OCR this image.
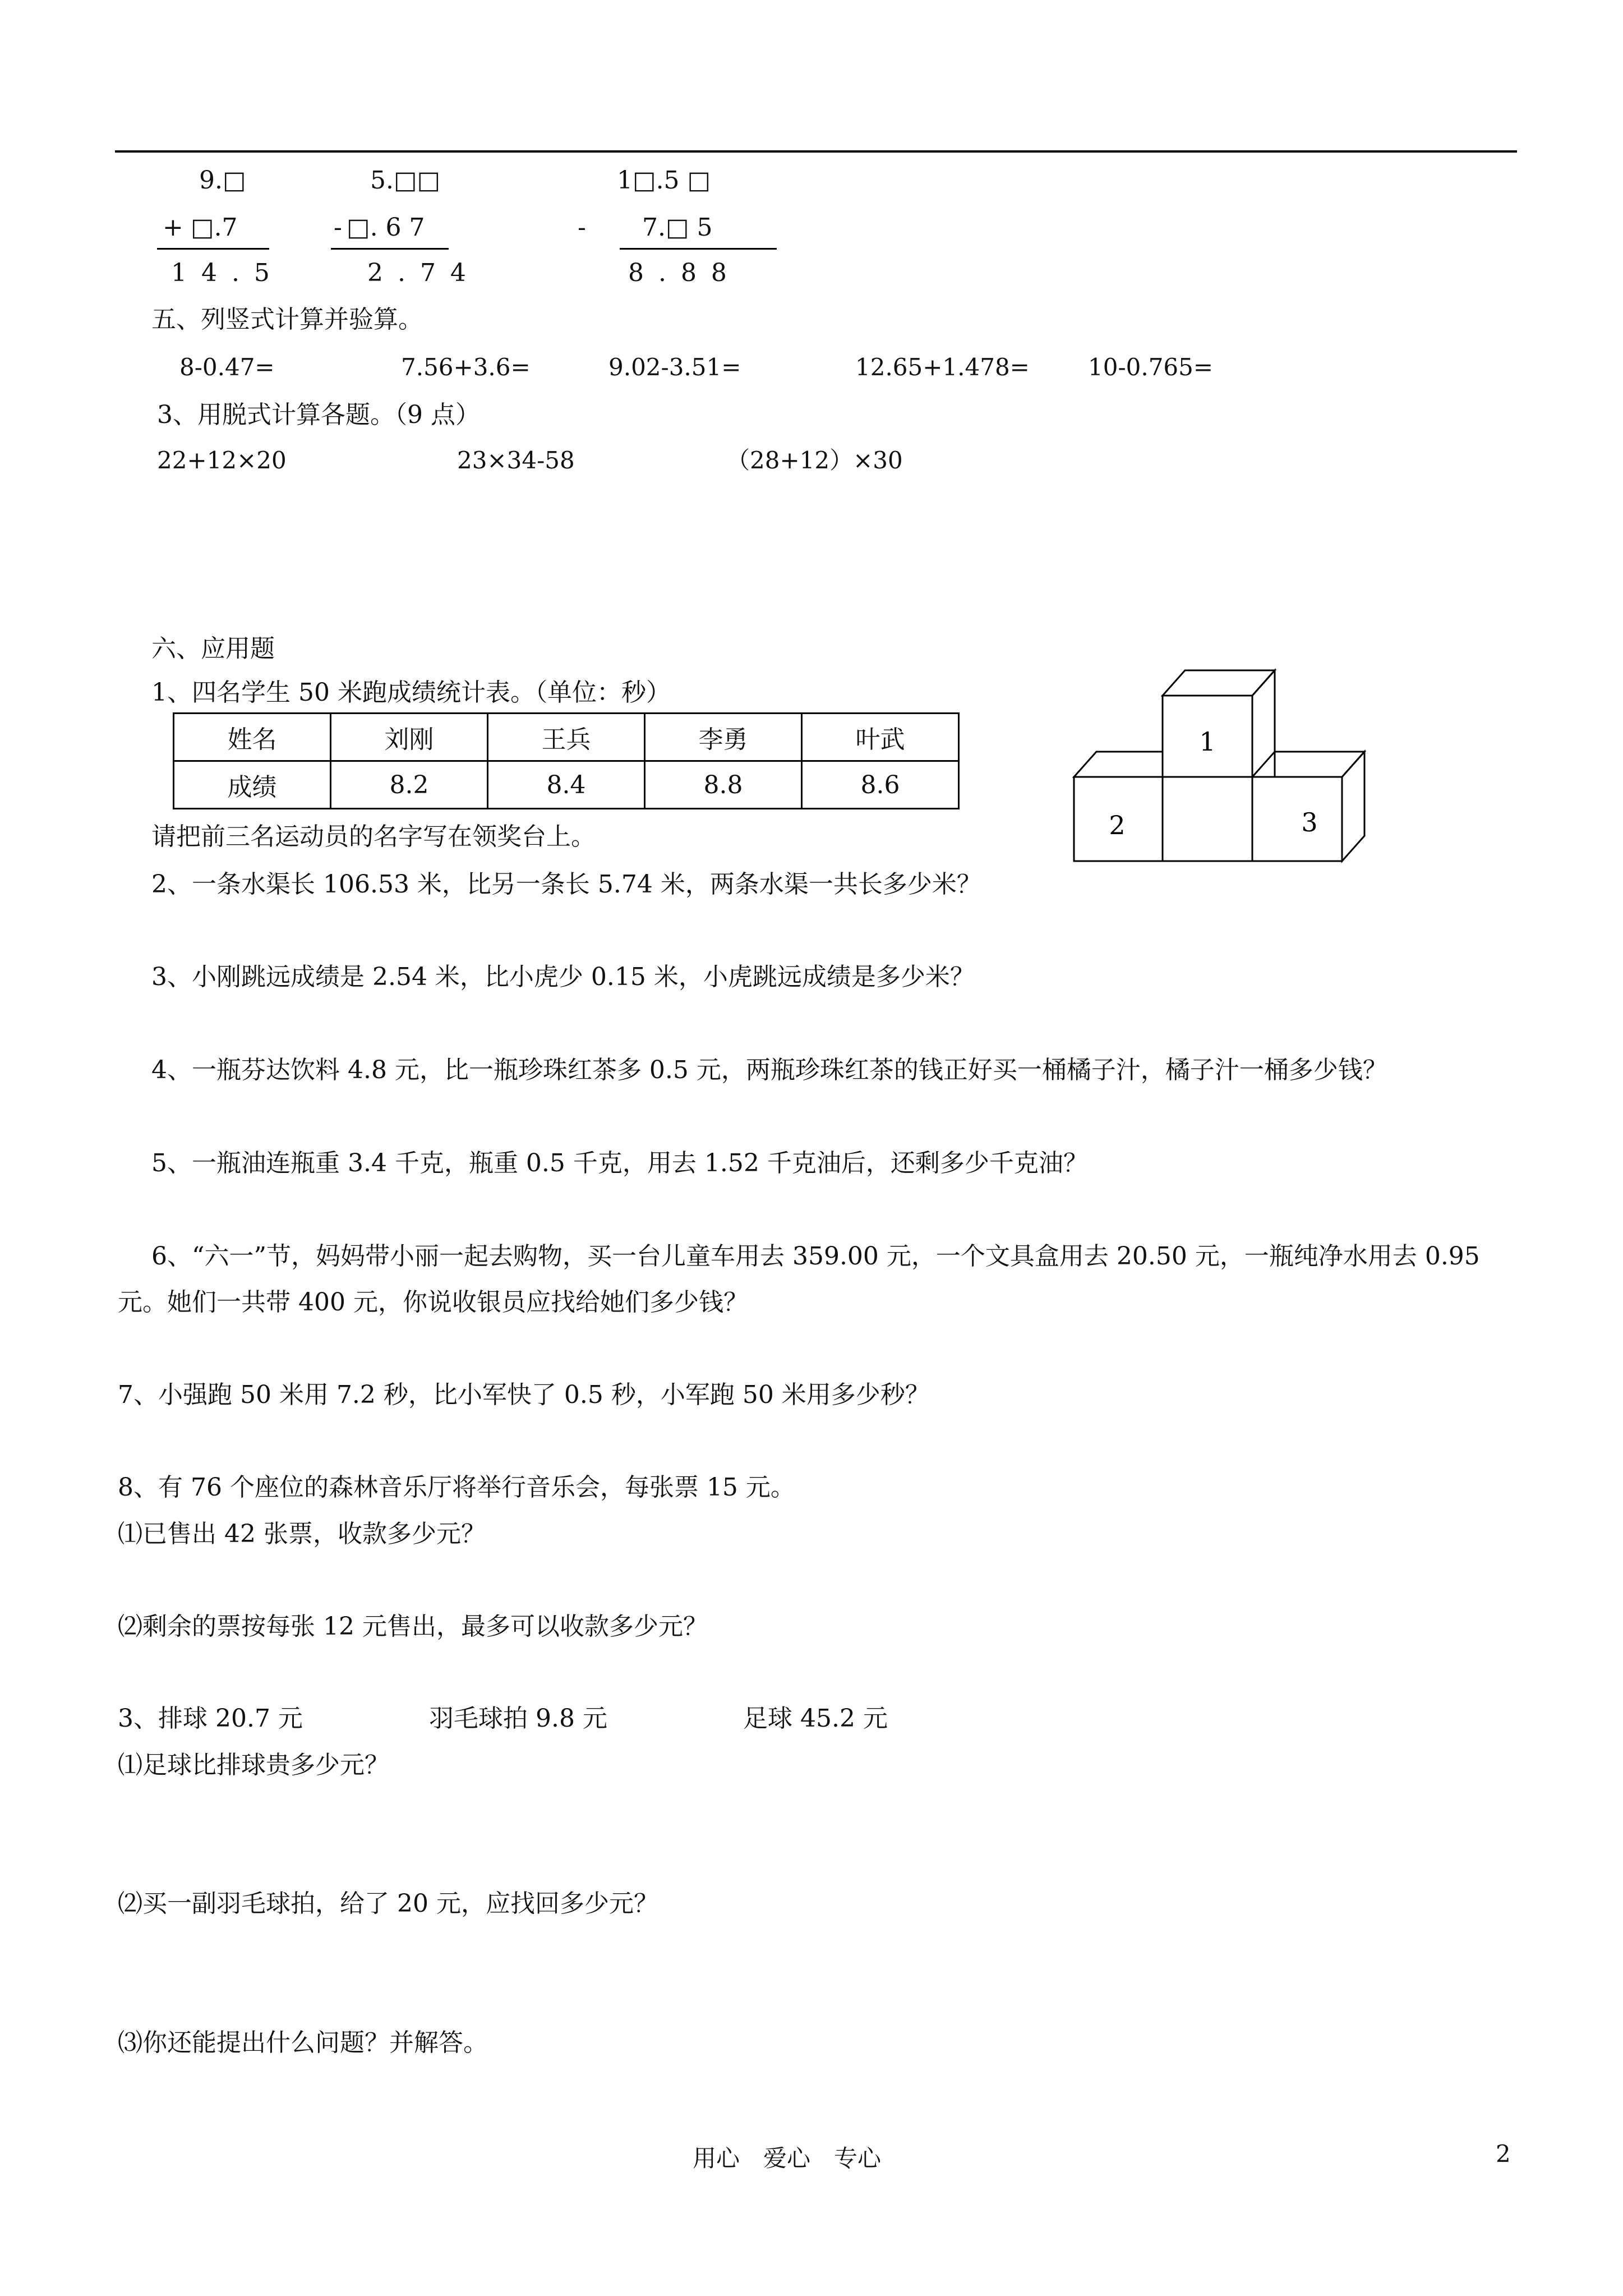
9.□
+ □.7
1 4 . 5
5.□□
- □. 6 7
2 . 7 4
1□.5 □
- 7.□ 5
8 . 8 8
五、列竖式计算并验算。
8-0.47=	7.56+3.6=	9.02-3.51=	12.65+1.478= 10-0.765=
3、用脱式计算各题。（9 点）
22+12×20	23×34-58	（28+12）×30
六、应用题
1、四名学生 50 米跑成绩统计表。（单位：秒）
姓名	刘刚	王兵	李勇	叶武
成绩	8.2	8.4	8.8	8.6
请把前三名运动员的名字写在领奖台上。
1
2	3
2、一条水渠长 106.53 米，比另一条长 5.74 米，两条水渠一共长多少米？
3、小刚跳远成绩是 2.54 米，比小虎少 0.15 米，小虎跳远成绩是多少米？
4、一瓶芬达饮料 4.8 元，比一瓶珍珠红茶多 0.5 元，两瓶珍珠红茶的钱正好买一桶橘子汁，橘子汁一桶多少钱？
5、一瓶油连瓶重 3.4 千克，瓶重 0.5 千克，用去 1.52 千克油后，还剩多少千克油？
6、“六一”节，妈妈带小丽一起去购物，买一台儿童车用去 359.00 元，一个文具盒用去 20.50 元，一瓶纯净水用去 0.95
元。她们一共带 400 元，你说收银员应找给她们多少钱？
7、小强跑 50 米用 7.2 秒，比小军快了 0.5 秒，小军跑 50 米用多少秒？
8、有 76 个座位的森林音乐厅将举行音乐会，每张票 15 元。
⑴已售出 42 张票，收款多少元？
⑵剩余的票按每张 12 元售出，最多可以收款多少元？
3、排球 20.7 元	羽毛球拍 9.8 元	足球 45.2 元
⑴足球比排球贵多少元？
⑵买一副羽毛球拍，给了 20 元，应找回多少元？
⑶你还能提出什么问题？并解答。
用心　爱心　专心	2
